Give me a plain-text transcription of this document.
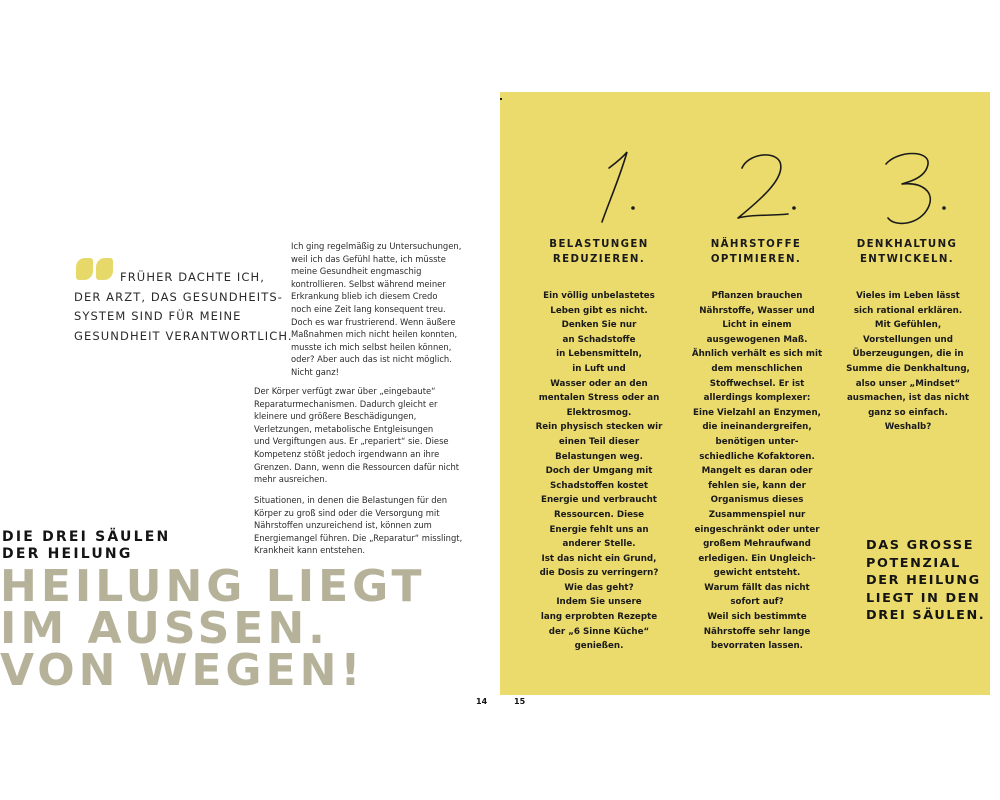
FRÜHER DACHTE ICH,
DER ARZT, DAS GESUNDHEITS-
SYSTEM SIND FÜR MEINE
GESUNDHEIT VERANTWORTLICH.
Ich ging regelmäßig zu Untersuchungen,
weil ich das Gefühl hatte, ich müsste
meine Gesundheit engmaschig
kontrollieren. Selbst während meiner
Erkrankung blieb ich diesem Credo
noch eine Zeit lang konsequent treu.
Doch es war frustrierend. Wenn äußere
Maßnahmen mich nicht heilen konnten,
musste ich mich selbst heilen können,
oder? Aber auch das ist nicht möglich.
Nicht ganz!
Der Körper verfügt zwar über „eingebaute“
Reparaturmechanismen. Dadurch gleicht er
kleinere und größere Beschädigungen,
Verletzungen, metabolische Entgleisungen
und Vergiftungen aus. Er „repariert“ sie. Diese
Kompetenz stößt jedoch irgendwann an ihre
Grenzen. Dann, wenn die Ressourcen dafür nicht
mehr ausreichen.
Situationen, in denen die Belastungen für den
Körper zu groß sind oder die Versorgung mit
Nährstoffen unzureichend ist, können zum
Energiemangel führen. Die „Reparatur“ misslingt,
Krankheit kann entstehen.
DIE DREI SÄULEN
DER HEILUNG
HEILUNG LIEGT
IM AUSSEN.
VON WEGEN!
14
BELASTUNGEN
REDUZIEREN.
NÄHRSTOFFE
OPTIMIEREN.
DENKHALTUNG
ENTWICKELN.
Ein völlig unbelastetes
Leben gibt es nicht.
Denken Sie nur
an Schadstoffe
in Lebensmitteln,
in Luft und
Wasser oder an den
mentalen Stress oder an
Elektrosmog.
Rein physisch stecken wir
einen Teil dieser
Belastungen weg.
Doch der Umgang mit
Schadstoffen kostet
Energie und verbraucht
Ressourcen. Diese
Energie fehlt uns an
anderer Stelle.
Ist das nicht ein Grund,
die Dosis zu verringern?
Wie das geht?
Indem Sie unsere
lang erprobten Rezepte
der „6 Sinne Küche“
genießen.
Pflanzen brauchen
Nährstoffe, Wasser und
Licht in einem
ausgewogenen Maß.
Ähnlich verhält es sich mit
dem menschlichen
Stoffwechsel. Er ist
allerdings komplexer:
Eine Vielzahl an Enzymen,
die ineinandergreifen,
benötigen unter-
schiedliche Kofaktoren.
Mangelt es daran oder
fehlen sie, kann der
Organismus dieses
Zusammenspiel nur
eingeschränkt oder unter
großem Mehraufwand
erledigen. Ein Ungleich-
gewicht entsteht.
Warum fällt das nicht
sofort auf?
Weil sich bestimmte
Nährstoffe sehr lange
bevorraten lassen.
Vieles im Leben lässt
sich rational erklären.
Mit Gefühlen,
Vorstellungen und
Überzeugungen, die in
Summe die Denkhaltung,
also unser „Mindset“
ausmachen, ist das nicht
ganz so einfach.
Weshalb?
DAS GROSSE
POTENZIAL
DER HEILUNG
LIEGT IN DEN
DREI SÄULEN.
15
